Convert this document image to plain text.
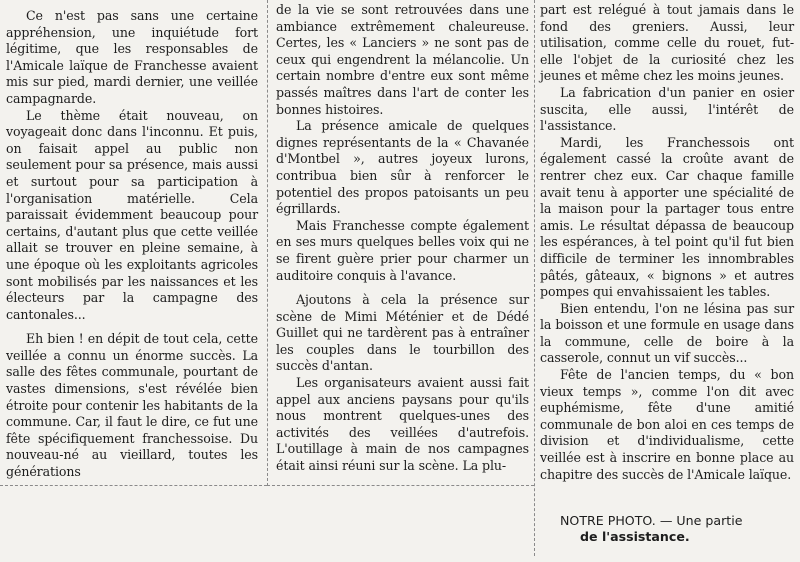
Ce n'est pas sans une certaine appréhension, une inquiétude fort légitime, que les responsables de l'Amicale laïque de Franchesse avaient mis sur pied, mardi dernier, une veillée campagnarde.

Le thème était nouveau, on voyageait donc dans l'inconnu. Et puis, on faisait appel au public non seulement pour sa présence, mais aussi et surtout pour sa participation à l'organisation matérielle. Cela paraissait évidemment beaucoup pour certains, d'autant plus que cette veillée allait se trouver en pleine semaine, à une époque où les exploitants agricoles sont mobilisés par les naissances et les électeurs par la campagne des cantonales...

Eh bien ! en dépit de tout cela, cette veillée a connu un énorme succès. La salle des fêtes communale, pourtant de vastes dimensions, s'est révélée bien étroite pour contenir les habitants de la commune. Car, il faut le dire, ce fut une fête spécifiquement franchessoise. Du nouveau-né au vieillard, toutes les générations

de la vie se sont retrouvées dans une ambiance extrêmement chaleureuse. Certes, les « Lanciers » ne sont pas de ceux qui engendrent la mélancolie. Un certain nombre d'entre eux sont même passés maîtres dans l'art de conter les bonnes histoires.

La présence amicale de quelques dignes représentants de la « Chavanée d'Montbel », autres joyeux lurons, contribua bien sûr à renforcer le potentiel des propos patoisants un peu égrillards.

Mais Franchesse compte également en ses murs quelques belles voix qui ne se firent guère prier pour charmer un auditoire conquis à l'avance.

Ajoutons à cela la présence sur scène de Mimi Méténier et de Dédé Guillet qui ne tardèrent pas à entraîner les couples dans le tourbillon des succès d'antan.

Les organisateurs avaient aussi fait appel aux anciens paysans pour qu'ils nous montrent quelques-unes des activités des veillées d'autrefois. L'outillage à main de nos campagnes était ainsi réuni sur la scène. La plu-

part est relégué à tout jamais dans le fond des greniers. Aussi, leur utilisation, comme celle du rouet, fut-elle l'objet de la curiosité chez les jeunes et même chez les moins jeunes.

La fabrication d'un panier en osier suscita, elle aussi, l'intérêt de l'assistance.

Mardi, les Franchessois ont également cassé la croûte avant de rentrer chez eux. Car chaque famille avait tenu à apporter une spécialité de la maison pour la partager tous entre amis. Le résultat dépassa de beaucoup les espérances, à tel point qu'il fut bien difficile de terminer les innombrables pâtés, gâteaux, « bignons » et autres pompes qui envahissaient les tables.

Bien entendu, l'on ne lésina pas sur la boisson et une formule en usage dans la commune, celle de boire à la casserole, connut un vif succès...

Fête de l'ancien temps, du « bon vieux temps », comme l'on dit avec euphémisme, fête d'une amitié communale de bon aloi en ces temps de division et d'individualisme, cette veillée est à inscrire en bonne place au chapitre des succès de l'Amicale laïque.

NOTRE PHOTO. — Une partie

de l'assistance.
